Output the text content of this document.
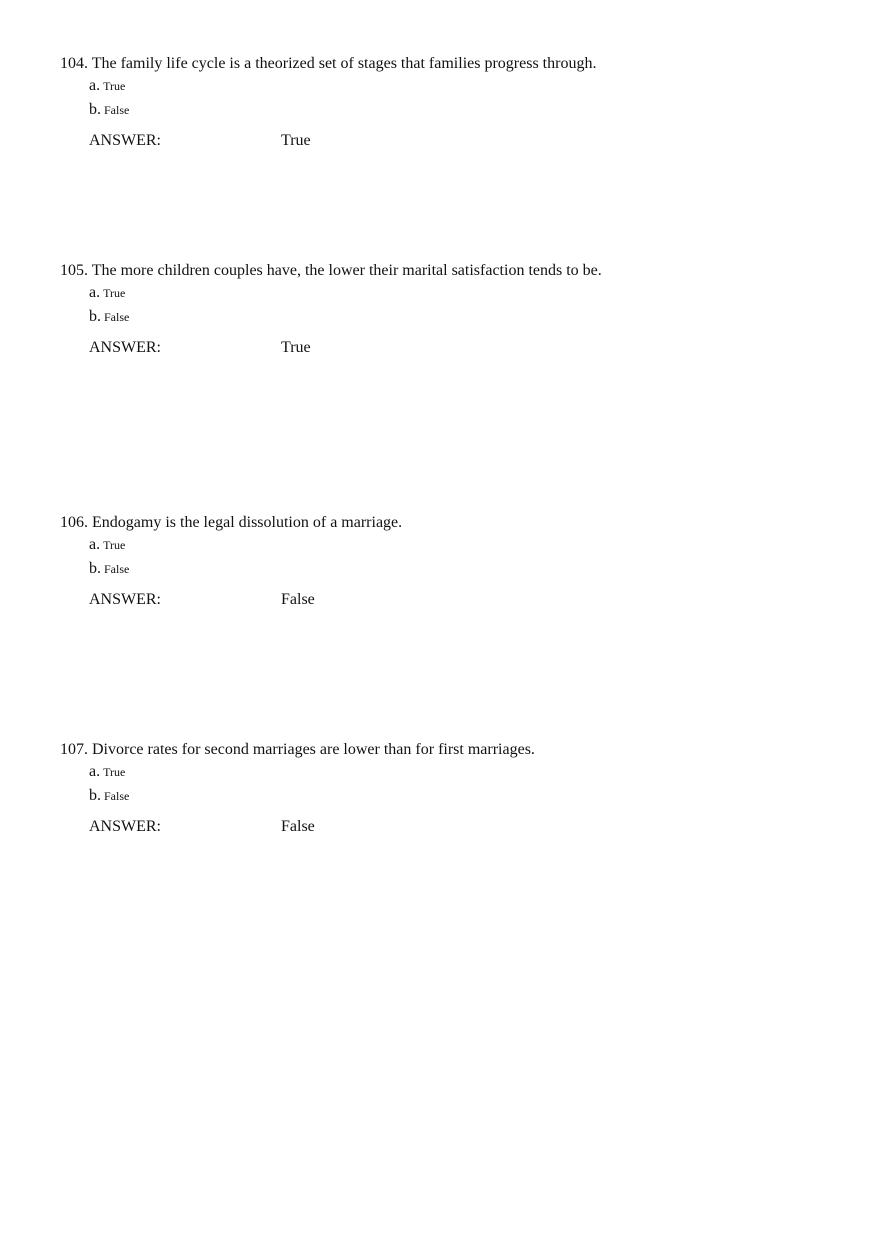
104. The family life cycle is a theorized set of stages that families progress through.
a. True
b. False
ANSWER:	True
105. The more children couples have, the lower their marital satisfaction tends to be.
a. True
b. False
ANSWER:	True
106. Endogamy is the legal dissolution of a marriage.
a. True
b. False
ANSWER:	False
107. Divorce rates for second marriages are lower than for first marriages.
a. True
b. False
ANSWER:	False
